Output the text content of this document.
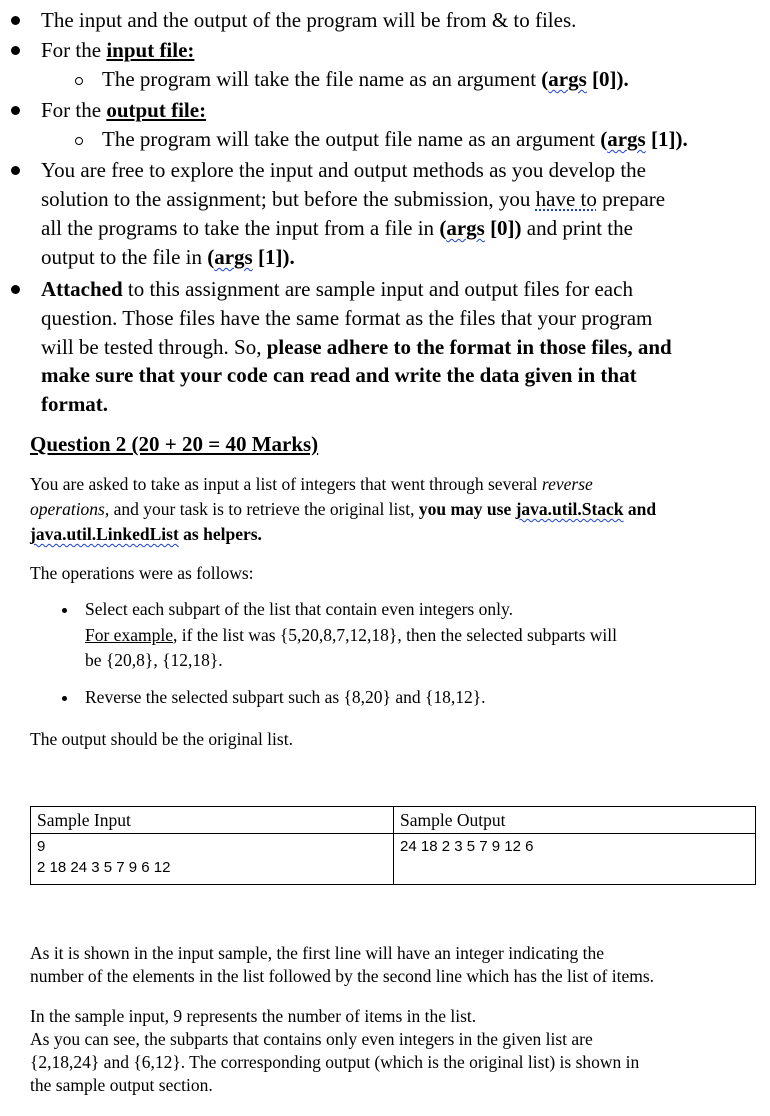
The input and the output of the program will be from & to files.
For the input file:
The program will take the file name as an argument (args [0]).
For the output file:
The program will take the output file name as an argument (args [1]).
You are free to explore the input and output methods as you develop the
solution to the assignment; but before the submission, you have to prepare
all the programs to take the input from a file in (args [0]) and print the
output to the file in (args [1]).
Attached to this assignment are sample input and output files for each
question. Those files have the same format as the files that your program
will be tested through. So, please adhere to the format in those files, and
make sure that your code can read and write the data given in that
format.
Question 2 (20 + 20 = 40 Marks)
You are asked to take as input a list of integers that went through several reverse
operations, and your task is to retrieve the original list, you may use java.util.Stack and
java.util.LinkedList as helpers.
The operations were as follows:
Select each subpart of the list that contain even integers only.
For example, if the list was {5,20,8,7,12,18}, then the selected subparts will
be {20,8}, {12,18}.
Reverse the selected subpart such as {8,20} and {18,12}.
The output should be the original list.
Sample Input	Sample Output

9
2 18 24 3 5 7 9 6 12	24 18 2 3 5 7 9 12 6
As it is shown in the input sample, the first line will have an integer indicating the
number of the elements in the list followed by the second line which has the list of items.
In the sample input, 9 represents the number of items in the list.
As you can see, the subparts that contains only even integers in the given list are
{2,18,24} and {6,12}. The corresponding output (which is the original list) is shown in
the sample output section.
